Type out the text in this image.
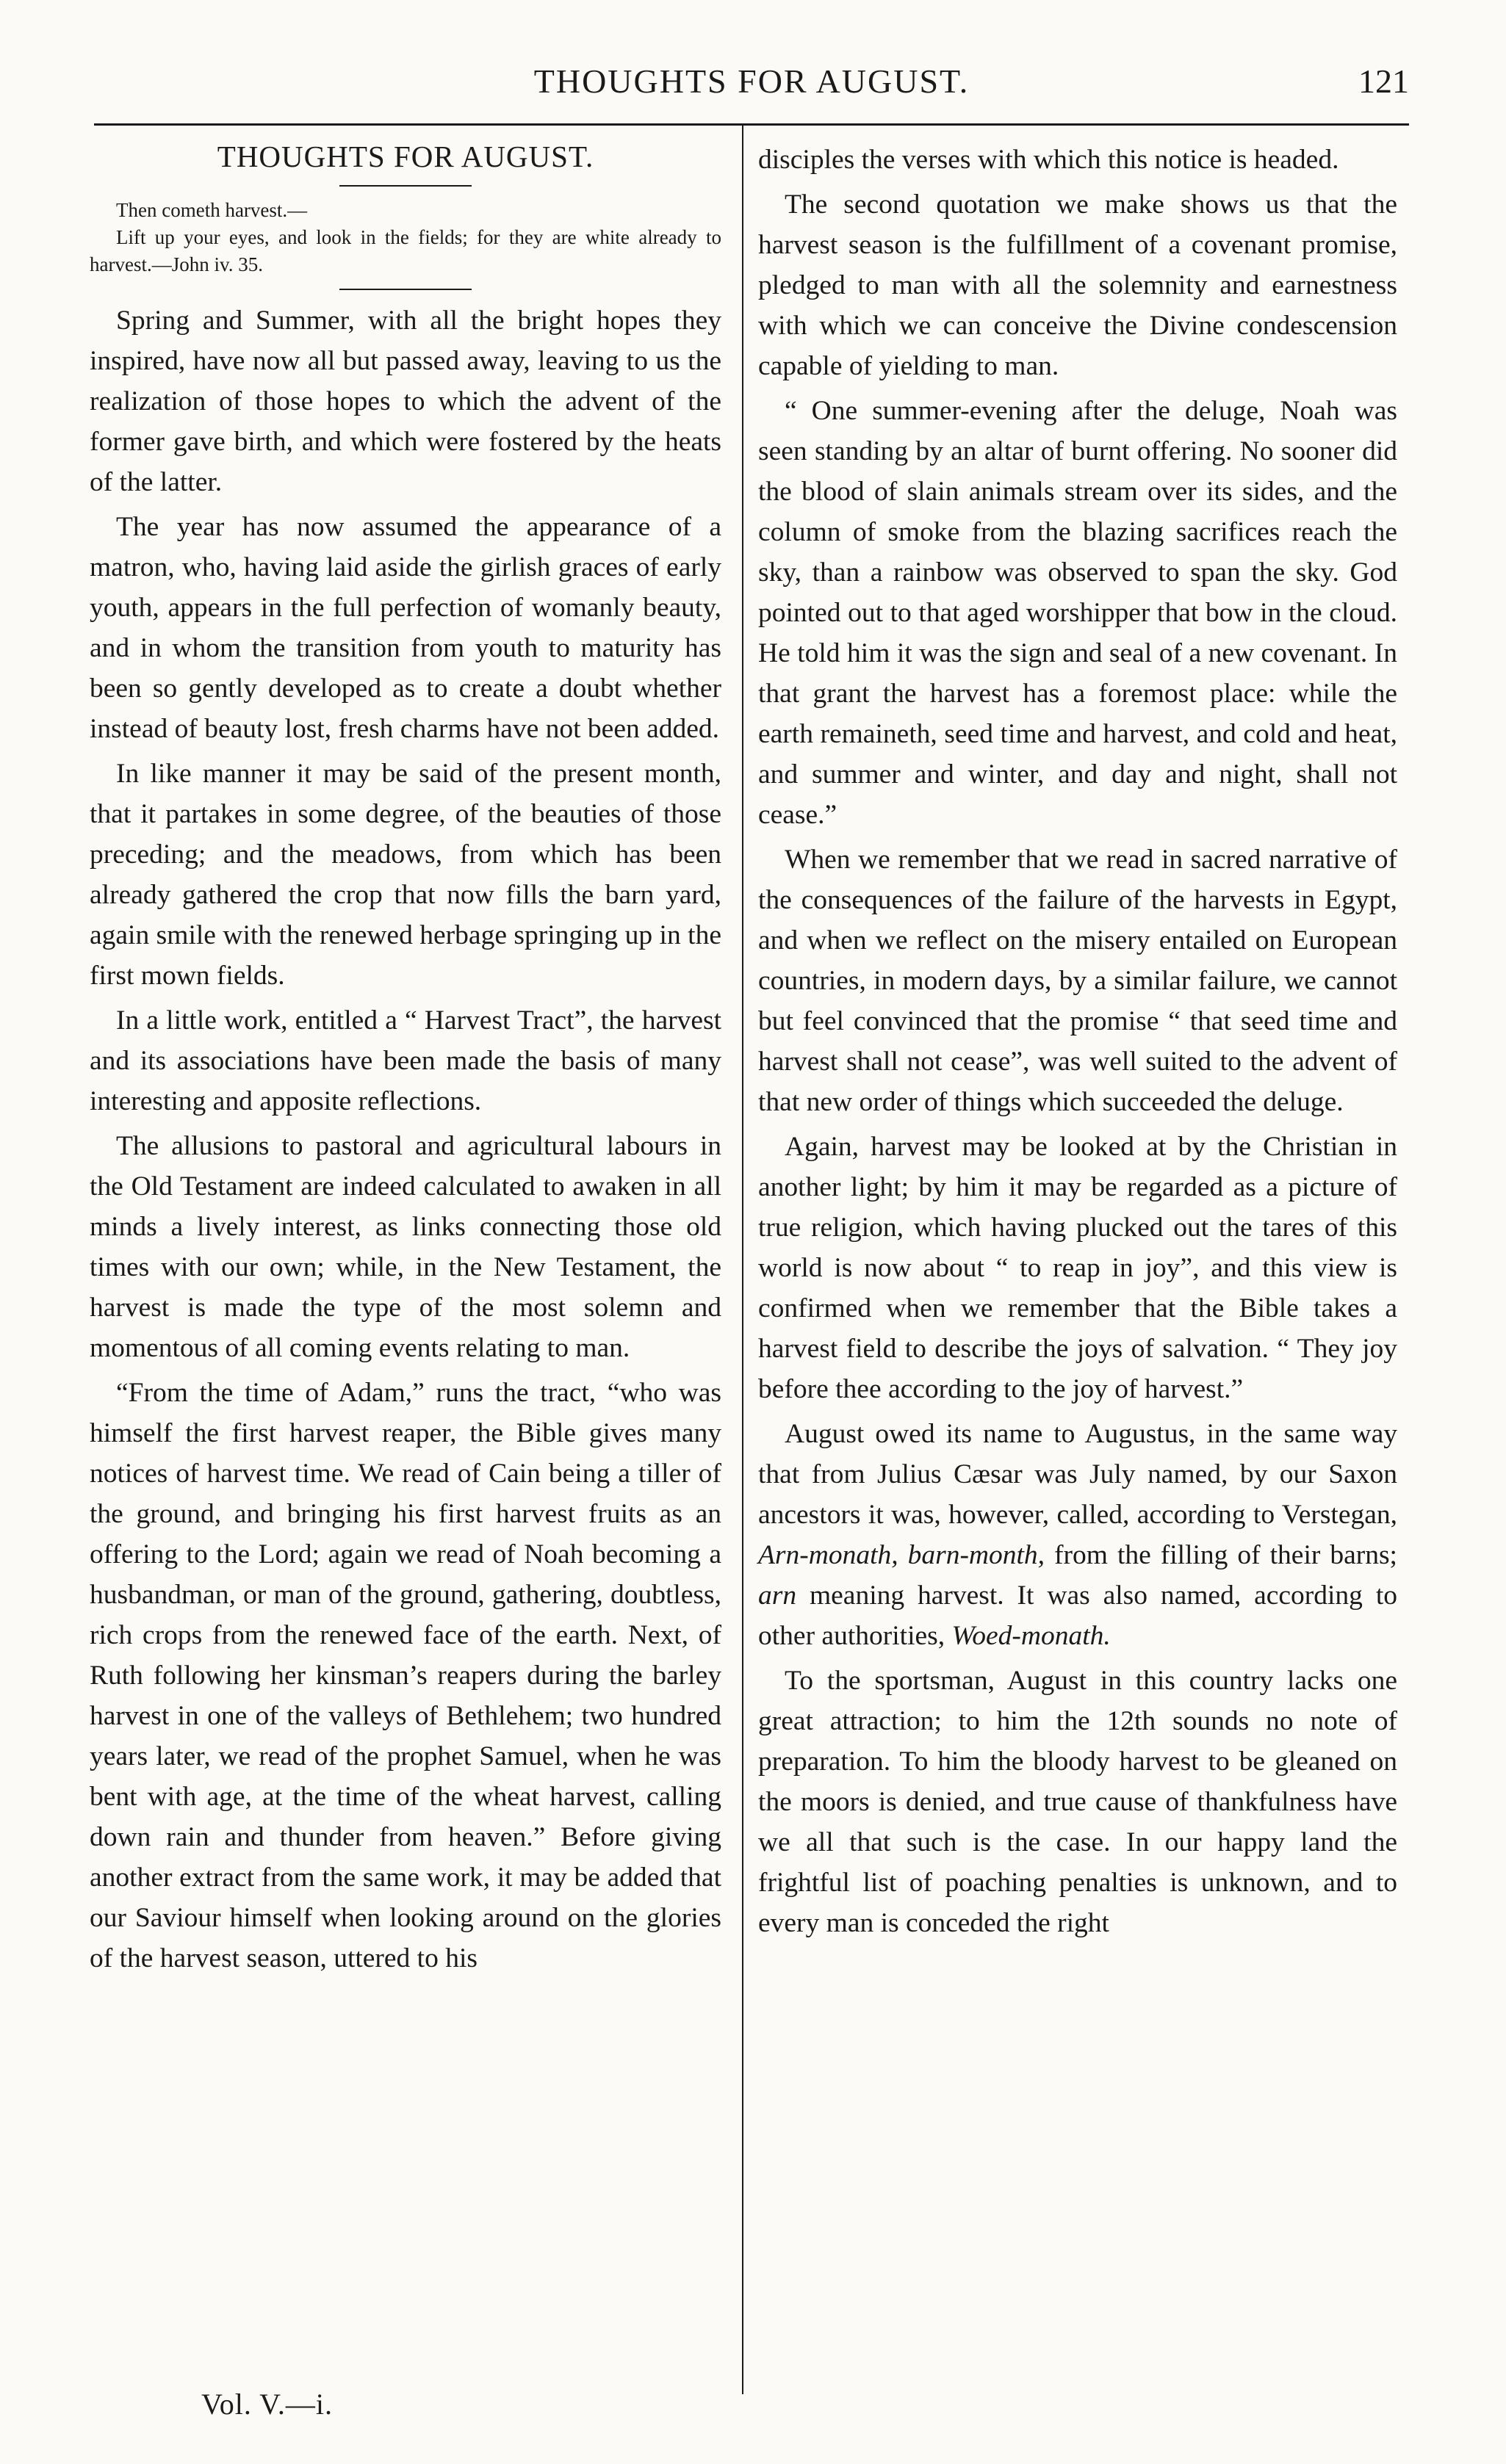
THOUGHTS FOR AUGUST.	121
THOUGHTS FOR AUGUST.

Then cometh harvest.—

Lift up your eyes, and look in the fields; for they are white already to harvest.—John iv. 35.

Spring and Summer, with all the bright hopes they inspired, have now all but passed away, leaving to us the realization of those hopes to which the advent of the former gave birth, and which were fostered by the heats of the latter.

The year has now assumed the appearance of a matron, who, having laid aside the girlish graces of early youth, appears in the full perfection of womanly beauty, and in whom the transition from youth to maturity has been so gently developed as to create a doubt whether instead of beauty lost, fresh charms have not been added.

In like manner it may be said of the present month, that it partakes in some degree, of the beauties of those preceding; and the meadows, from which has been already gathered the crop that now fills the barn yard, again smile with the renewed herbage springing up in the first mown fields.

In a little work, entitled a “ Harvest Tract”, the harvest and its associations have been made the basis of many interesting and apposite reflections.

The allusions to pastoral and agricultural labours in the Old Testament are indeed calculated to awaken in all minds a lively interest, as links connecting those old times with our own; while, in the New Testament, the harvest is made the type of the most solemn and momentous of all coming events relating to man.

“From the time of Adam,” runs the tract, “who was himself the first harvest reaper, the Bible gives many notices of harvest time. We read of Cain being a tiller of the ground, and bringing his first harvest fruits as an offering to the Lord; again we read of Noah becoming a husbandman, or man of the ground, gathering, doubtless, rich crops from the renewed face of the earth. Next, of Ruth following her kinsman’s reapers during the barley harvest in one of the valleys of Bethlehem; two hundred years later, we read of the prophet Samuel, when he was bent with age, at the time of the wheat harvest, calling down rain and thunder from heaven.” Before giving another extract from the same work, it may be added that our Saviour himself when looking around on the glories of the harvest season, uttered to his

disciples the verses with which this notice is headed.

The second quotation we make shows us that the harvest season is the fulfillment of a covenant promise, pledged to man with all the solemnity and earnestness with which we can conceive the Divine condescension capable of yielding to man.

“ One summer-evening after the deluge, Noah was seen standing by an altar of burnt offering. No sooner did the blood of slain animals stream over its sides, and the column of smoke from the blazing sacrifices reach the sky, than a rainbow was observed to span the sky. God pointed out to that aged worshipper that bow in the cloud. He told him it was the sign and seal of a new covenant. In that grant the harvest has a foremost place: while the earth remaineth, seed time and harvest, and cold and heat, and summer and winter, and day and night, shall not cease.”

When we remember that we read in sacred narrative of the consequences of the failure of the harvests in Egypt, and when we reflect on the misery entailed on European countries, in modern days, by a similar failure, we cannot but feel convinced that the promise “ that seed time and harvest shall not cease”, was well suited to the advent of that new order of things which succeeded the deluge.

Again, harvest may be looked at by the Christian in another light; by him it may be regarded as a picture of true religion, which having plucked out the tares of this world is now about “ to reap in joy”, and this view is confirmed when we remember that the Bible takes a harvest field to describe the joys of salvation. “ They joy before thee according to the joy of harvest.”

August owed its name to Augustus, in the same way that from Julius Cæsar was July named, by our Saxon ancestors it was, however, called, according to Verstegan, Arn-monath, barn-month, from the filling of their barns; arn meaning harvest. It was also named, according to other authorities, Woed-monath.

To the sportsman, August in this country lacks one great attraction; to him the 12th sounds no note of preparation. To him the bloody harvest to be gleaned on the moors is denied, and true cause of thankfulness have we all that such is the case. In our happy land the frightful list of poaching penalties is unknown, and to every man is conceded the right

Vol. V.—i.
